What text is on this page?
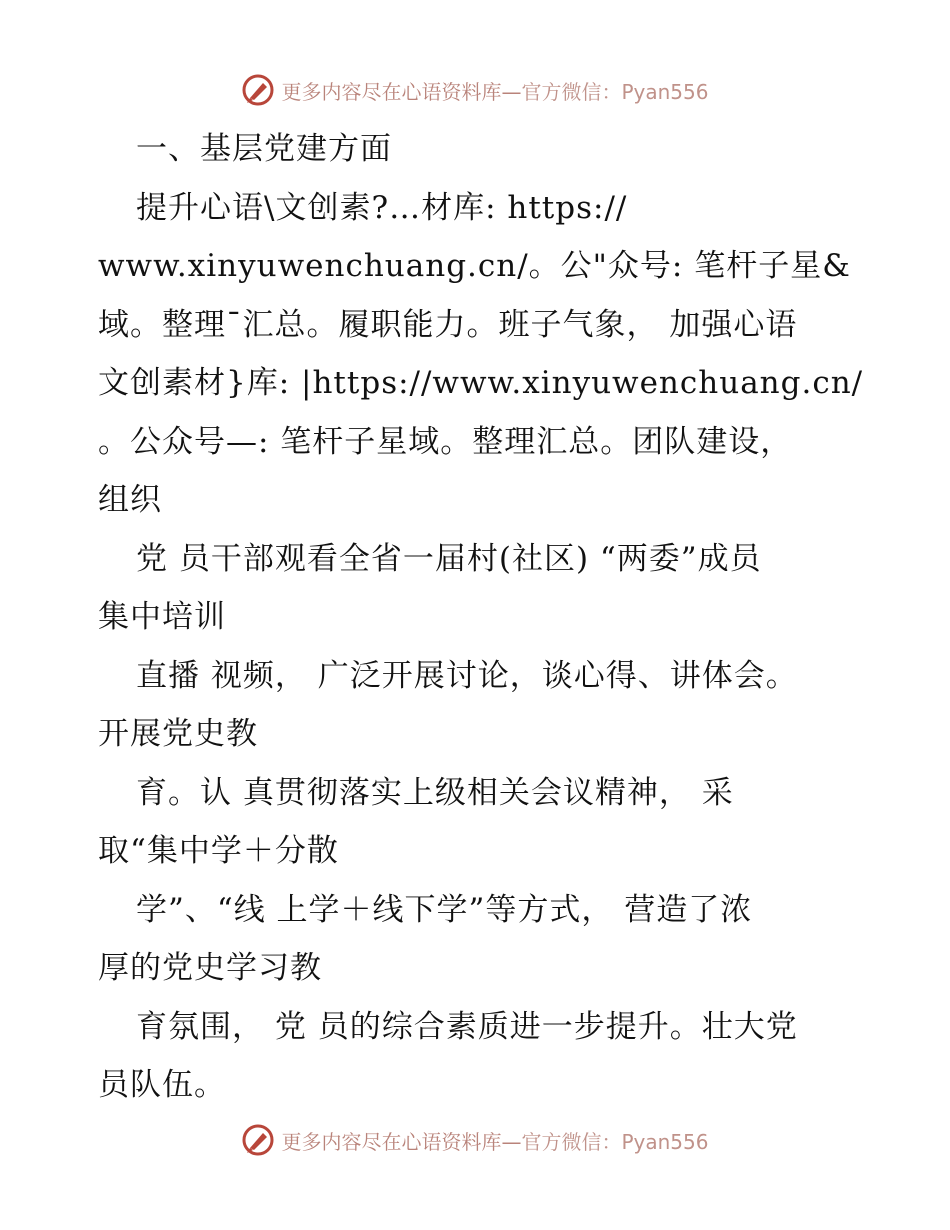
更多内容尽在心语资料库— 官方微信：Pyan556
一、基层党建方面
提升心语\文创素?…材库: https://
www.xinyuwenchuang.cn/。公"众号: 笔杆子星&
域。整理¯汇总。履职能力。班子气象， 加强心语
文创素材}库: |https://www.xinyuwenchuang.cn/
。公众号—: 笔杆子星域。整理汇总。团队建设，
组织
党 员干部观看全省一届村(社区) “两委”成员
集中培训
直播 视频， 广泛开展讨论，谈心得、讲体会。
开展党史教
育。认 真贯彻落实上级相关会议精神， 采
取“集中学＋分散
学”、“线 上学＋线下学”等方式， 营造了浓
厚的党史学习教
育氛围， 党 员的综合素质进一步提升。壮大党
员队伍。
更多内容尽在心语资料库— 官方微信：Pyan556
